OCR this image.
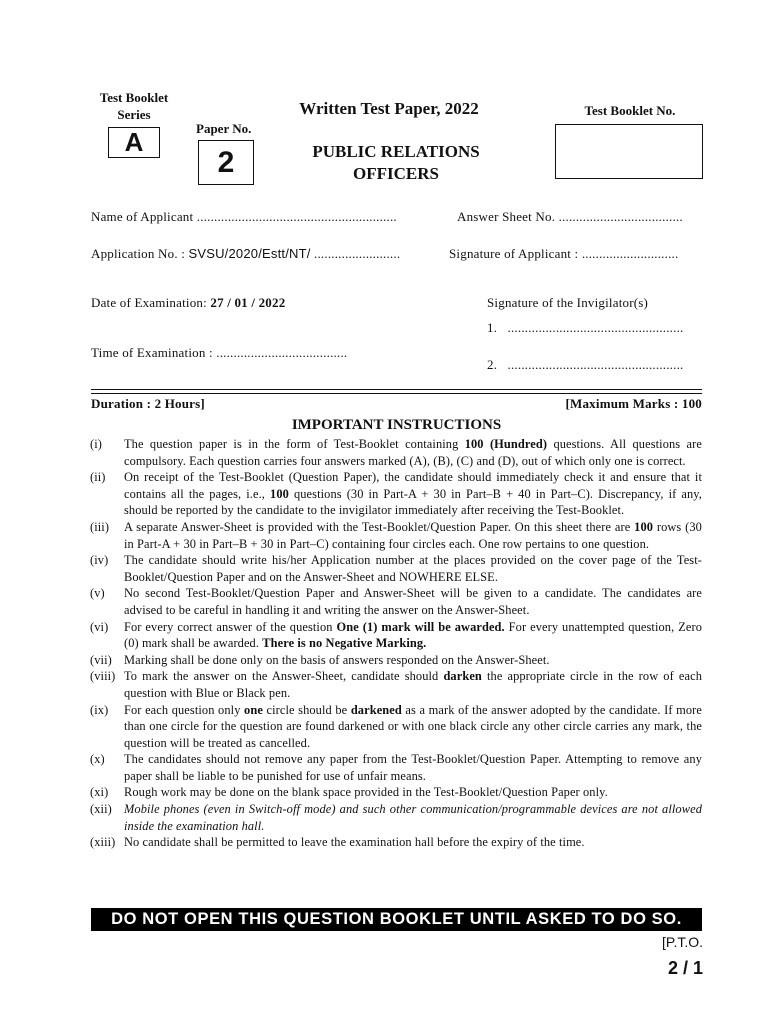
Test Booklet
Series
A	Paper No.
2
Written Test Paper, 2022
PUBLIC RELATIONS
OFFICERS
Test Booklet No.
Name of Applicant ..........................................................	Answer Sheet No. ....................................
Application No. : SVSU/2020/Estt/NT/ .........................	Signature of Applicant : ............................
Date of Examination: 27 / 01 / 2022
Time of Examination : ......................................
Signature of the Invigilator(s)
1. ...................................................
2. ...................................................
Duration : 2 Hours]	[Maximum Marks : 100
IMPORTANT INSTRUCTIONS
(i)	The question paper is in the form of Test-Booklet containing 100 (Hundred) questions. All questions are compulsory. Each question carries four answers marked (A), (B), (C) and (D), out of which only one is correct.
(ii)	On receipt of the Test-Booklet (Question Paper), the candidate should immediately check it and ensure that it contains all the pages, i.e., 100 questions (30 in Part-A + 30 in Part–B + 40 in Part–C). Discrepancy, if any, should be reported by the candidate to the invigilator immediately after receiving the Test-Booklet.
(iii)	A separate Answer-Sheet is provided with the Test-Booklet/Question Paper. On this sheet there are 100 rows (30 in Part-A + 30 in Part–B + 30 in Part–C) containing four circles each. One row pertains to one question.
(iv)	The candidate should write his/her Application number at the places provided on the cover page of the Test-Booklet/Question Paper and on the Answer-Sheet and NOWHERE ELSE.
(v)	No second Test-Booklet/Question Paper and Answer-Sheet will be given to a candidate. The candidates are advised to be careful in handling it and writing the answer on the Answer-Sheet.
(vi)	For every correct answer of the question One (1) mark will be awarded. For every unattempted question, Zero (0) mark shall be awarded. There is no Negative Marking.
(vii) Marking shall be done only on the basis of answers responded on the Answer-Sheet.
(viii) To mark the answer on the Answer-Sheet, candidate should darken the appropriate circle in the row of each question with Blue or Black pen.
(ix)	For each question only one circle should be darkened as a mark of the answer adopted by the candidate. If more than one circle for the question are found darkened or with one black circle any other circle carries any mark, the question will be treated as cancelled.
(x)	The candidates should not remove any paper from the Test-Booklet/Question Paper. Attempting to remove any paper shall be liable to be punished for use of unfair means.
(xi)	Rough work may be done on the blank space provided in the Test-Booklet/Question Paper only.
(xii) Mobile phones (even in Switch-off mode) and such other communication/programmable devices are not allowed inside the examination hall.
(xiii) No candidate shall be permitted to leave the examination hall before the expiry of the time.
DO NOT OPEN THIS QUESTION BOOKLET UNTIL ASKED TO DO SO.
[P.T.O.
2 / 1
